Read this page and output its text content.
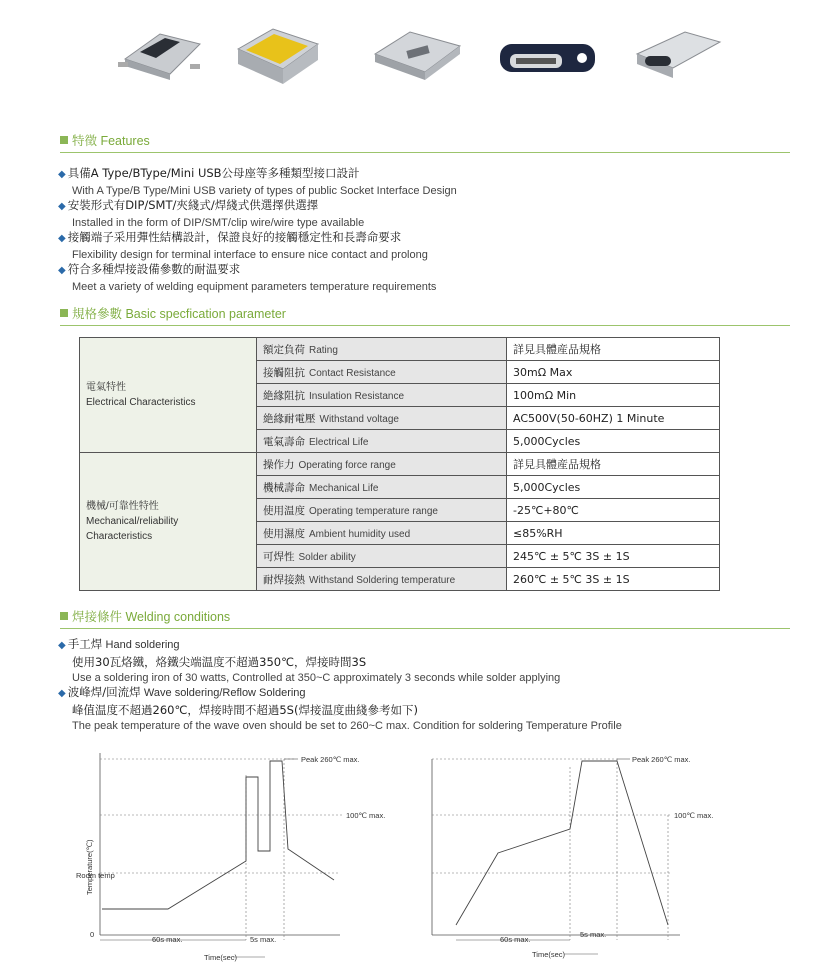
特徵 Features
◆ 具備A Type/BType/Mini USB公母座等多種類型接口設計
With A Type/B Type/Mini USB variety of types of public Socket Interface Design
◆ 安裝形式有DIP/SMT/夾綫式/焊綫式供選擇供選擇
Installed in the form of DIP/SMT/clip wire/wire type available
◆ 接觸端子采用彈性結構設計，保證良好的接觸穩定性和長壽命要求
Flexibility design for terminal interface to ensure nice contact and prolong
◆ 符合多種焊接設備參數的耐温要求
Meet a variety of welding equipment parameters temperature requirements
規格參數 Basic specfication parameter
電氣特性
Electrical Characteristics	額定負荷 Rating	詳見具體産品規格
	接觸阻抗 Contact Resistance	30mΩ Max
	絶緣阻抗 Insulation Resistance	100mΩ Min
	絶緣耐電壓 Withstand voltage	AC500V(50-60HZ) 1 Minute
	電氣壽命 Electrical Life	5,000Cycles

機械/可靠性特性
Mechanical/reliability
Characteristics	操作力 Operating force range	詳見具體産品規格
	機械壽命 Mechanical Life	5,000Cycles
	使用温度 Operating temperature range	-25℃+80℃
	使用濕度 Ambient humidity used	≤85%RH
	可焊性 Solder ability	245℃ ± 5℃ 3S ± 1S
	耐焊接熱 Withstand Soldering temperature	260℃ ± 5℃ 3S ± 1S
焊接條件 Welding conditions
◆ 手工焊 Hand soldering
使用30瓦烙鐵，烙鐵尖端温度不超過350℃，焊接時間3S
Use a soldering iron of 30 watts, Controlled at 350~C approximately 3 seconds while solder applying
◆ 波峰焊/回流焊 Wave soldering/Reflow Soldering
峰值温度不超過260℃，焊接時間不超過5S(焊接温度曲綫參考如下)
The peak temperature of the wave oven should be set to 260~C max. Condition for soldering Temperature Profile
Peak 260℃ max.
100℃ max.
Room temp
0
Temperature(℃)
60s max.	5s max.
Time(sec)
Peak 260℃ max.
100℃ max.
60s max.
5s max.
Time(sec)
